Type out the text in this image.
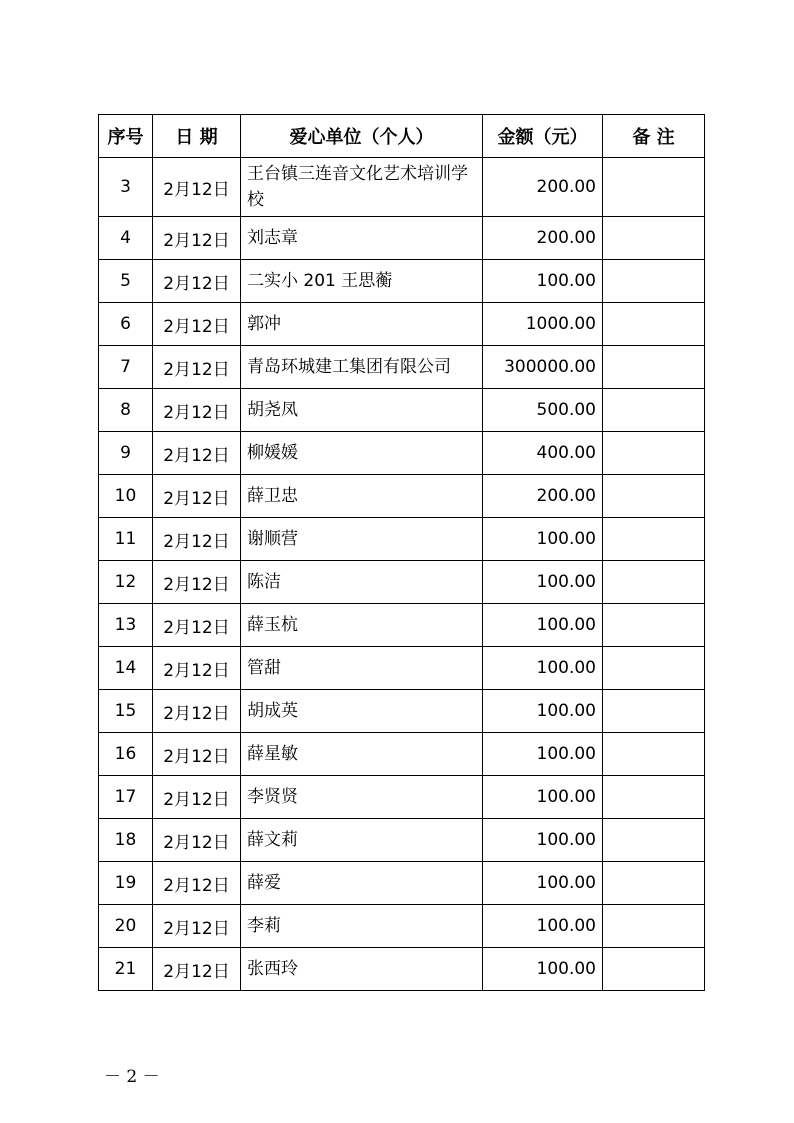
序号	日 期	爱心单位（个人）	金额（元）	备 注
3	2月12日	王台镇三连音文化艺术培训学校	200.00	
4	2月12日	刘志章	200.00	
5	2月12日	二实小 201 王思蘅	100.00	
6	2月12日	郭冲	1000.00	
7	2月12日	青岛环城建工集团有限公司	300000.00	
8	2月12日	胡尧凤	500.00	
9	2月12日	柳媛媛	400.00	
10	2月12日	薛卫忠	200.00	
11	2月12日	谢顺营	100.00	
12	2月12日	陈洁	100.00	
13	2月12日	薛玉杭	100.00	
14	2月12日	管甜	100.00	
15	2月12日	胡成英	100.00	
16	2月12日	薛星敏	100.00	
17	2月12日	李贤贤	100.00	
18	2月12日	薛文莉	100.00	
19	2月12日	薛爱	100.00	
20	2月12日	李莉	100.00	
21	2月12日	张西玲	100.00	
－ 2 －
